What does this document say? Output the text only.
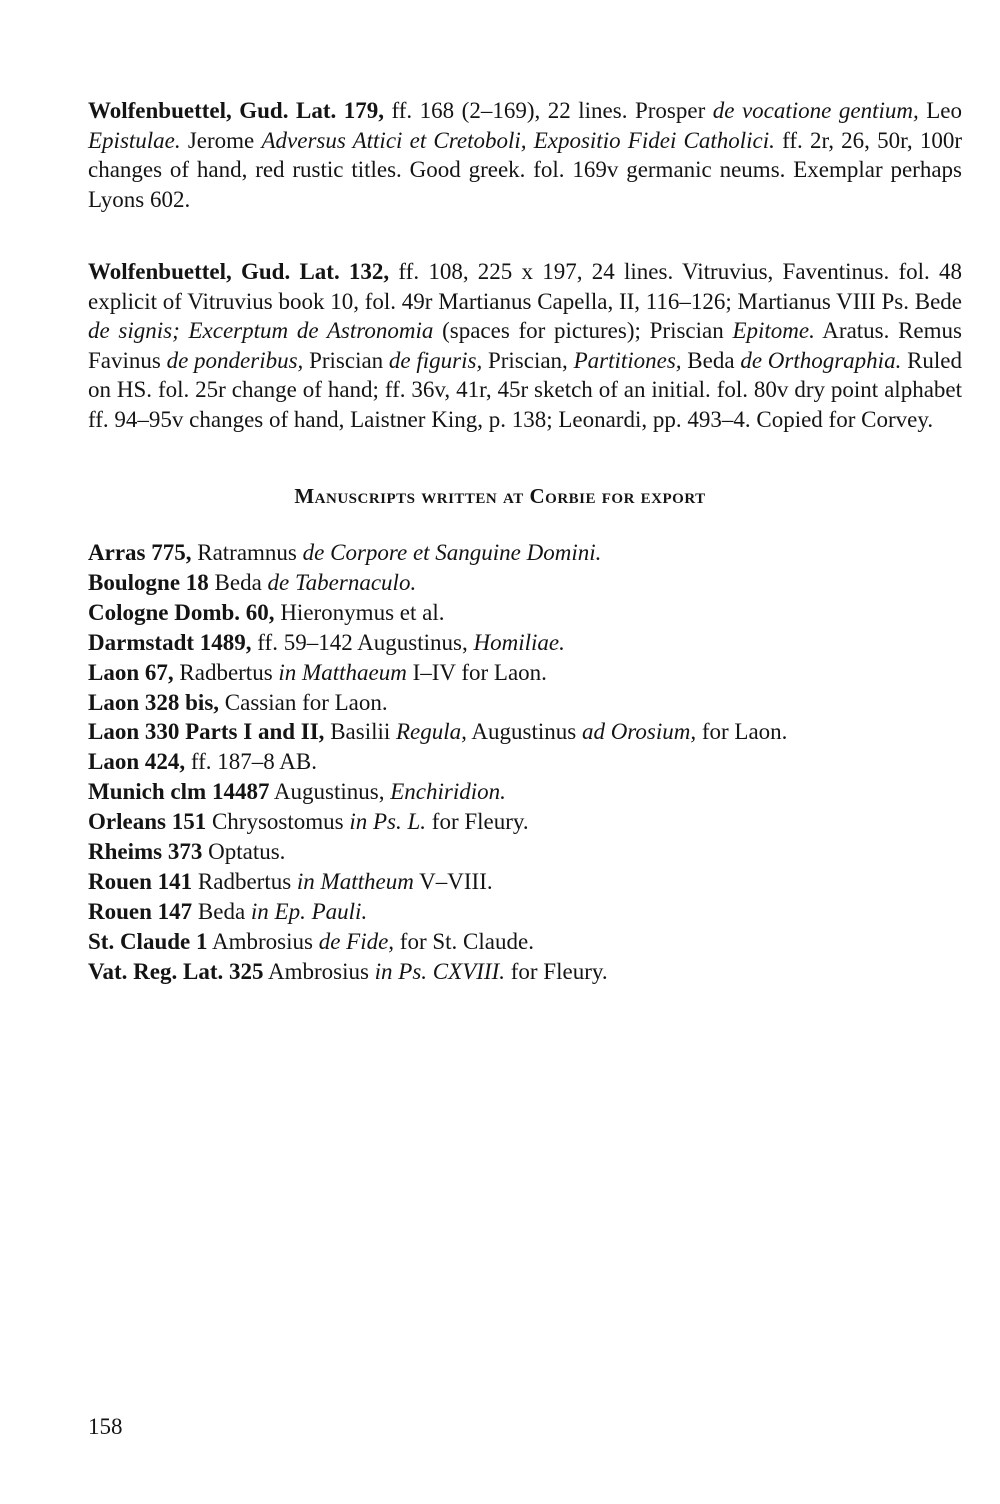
Wolfenbuettel, Gud. Lat. 179, ff. 168 (2–169), 22 lines. Prosper de vocatione gentium, Leo Epistulae. Jerome Adversus Attici et Cretoboli, Expositio Fidei Catholici. ff. 2r, 26, 50r, 100r changes of hand, red rustic titles. Good greek. fol. 169v germanic neums. Exemplar perhaps Lyons 602.

Wolfenbuettel, Gud. Lat. 132, ff. 108, 225 x 197, 24 lines. Vitruvius, Faventinus. fol. 48 explicit of Vitruvius book 10, fol. 49r Martianus Capella, II, 116–126; Martianus VIII Ps. Bede de signis; Excerptum de Astronomia (spaces for pictures); Priscian Epitome. Aratus. Remus Favinus de ponderibus, Priscian de figuris, Priscian, Partitiones, Beda de Orthographia. Ruled on HS. fol. 25r change of hand; ff. 36v, 41r, 45r sketch of an initial. fol. 80v dry point alphabet ff. 94–95v changes of hand, Laistner King, p. 138; Leonardi, pp. 493–4. Copied for Corvey.

Manuscripts written at Corbie for export
Arras 775, Ratramnus de Corpore et Sanguine Domini.
Boulogne 18 Beda de Tabernaculo.
Cologne Domb. 60, Hieronymus et al.
Darmstadt 1489, ff. 59–142 Augustinus, Homiliae.
Laon 67, Radbertus in Matthaeum I–IV for Laon.
Laon 328 bis, Cassian for Laon.
Laon 330 Parts I and II, Basilii Regula, Augustinus ad Orosium, for Laon.
Laon 424, ff. 187–8 AB.
Munich clm 14487 Augustinus, Enchiridion.
Orleans 151 Chrysostomus in Ps. L. for Fleury.
Rheims 373 Optatus.
Rouen 141 Radbertus in Mattheum V–VIII.
Rouen 147 Beda in Ep. Pauli.
St. Claude 1 Ambrosius de Fide, for St. Claude.
Vat. Reg. Lat. 325 Ambrosius in Ps. CXVIII. for Fleury.
158
